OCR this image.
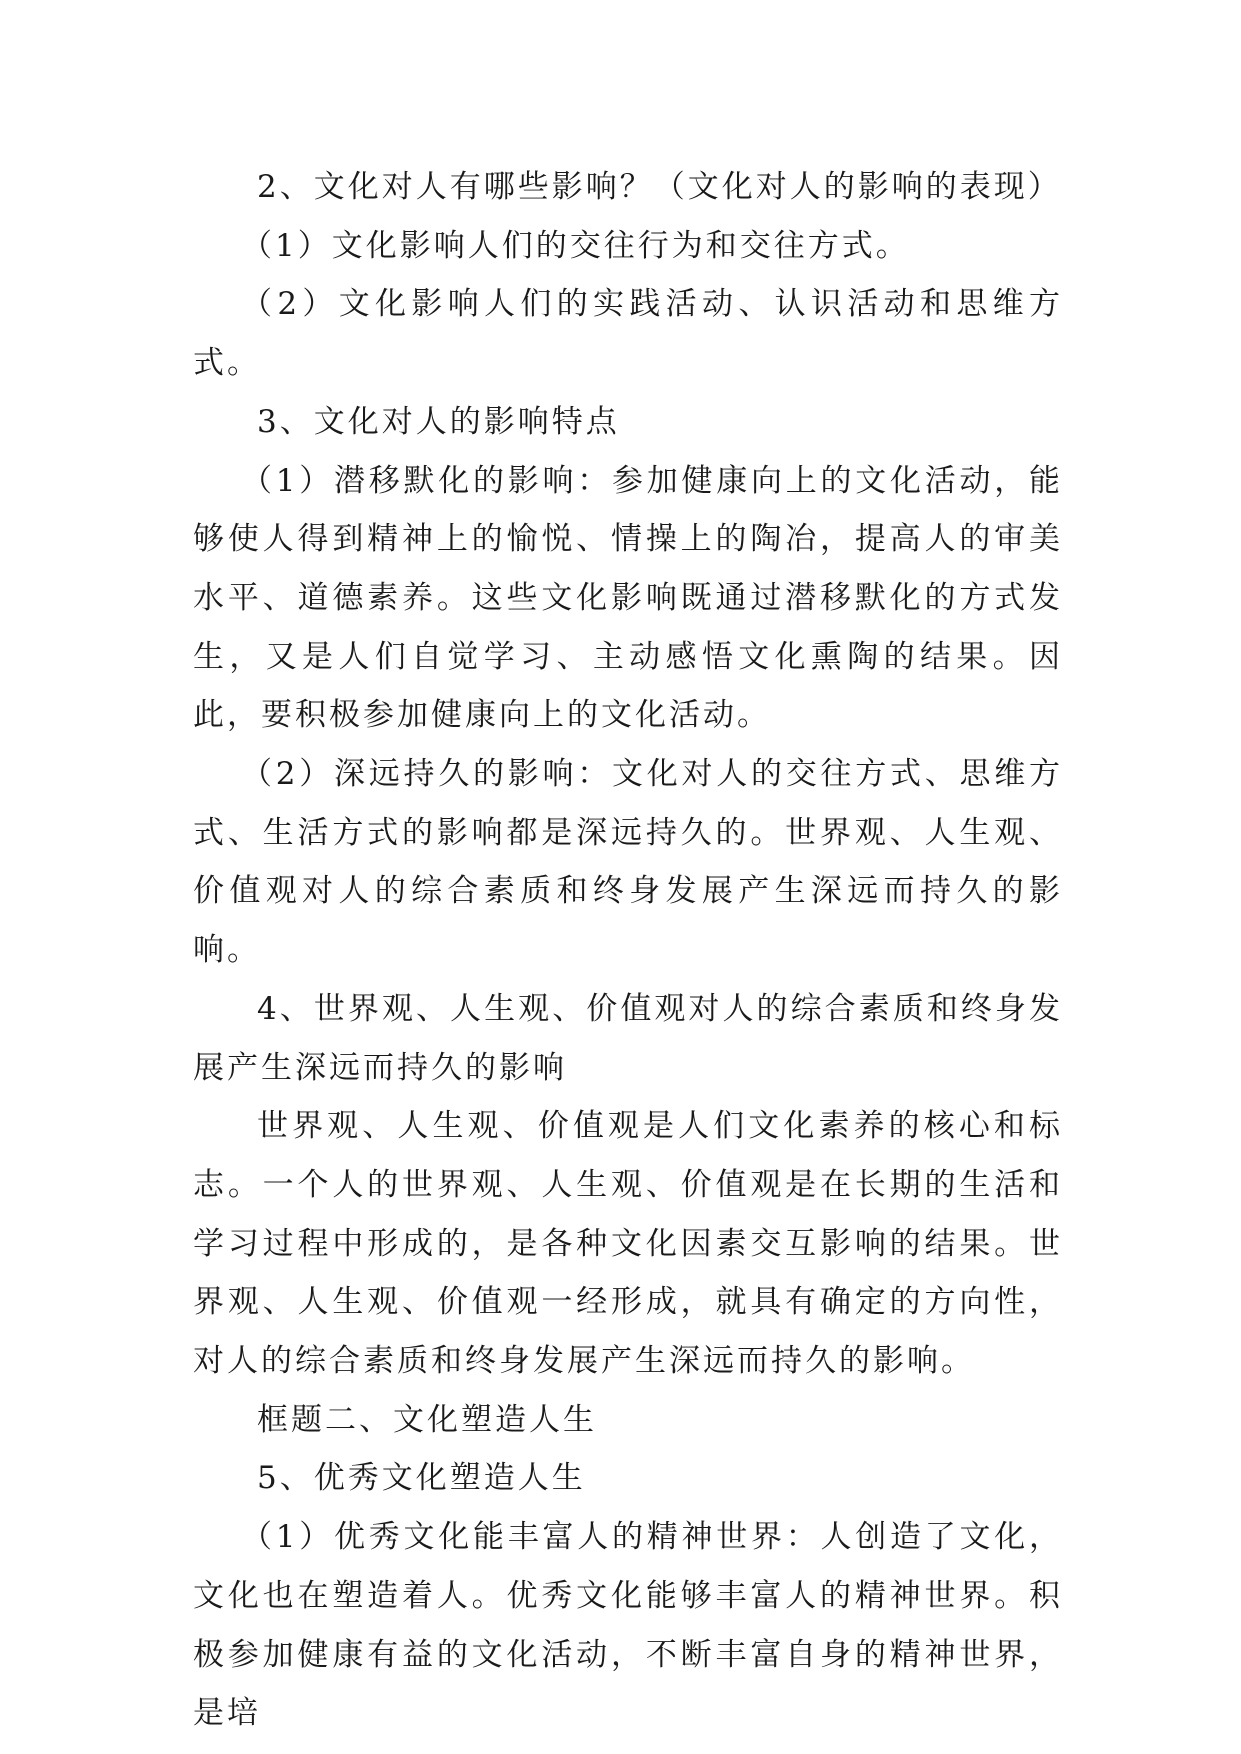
2、文化对人有哪些影响？（文化对人的影响的表现）

（1）文化影响人们的交往行为和交往方式。

（2）文化影响人们的实践活动、认识活动和思维方式。

3、文化对人的影响特点

（1）潜移默化的影响：参加健康向上的文化活动，能够使人得到精神上的愉悦、情操上的陶冶，提高人的审美水平、道德素养。这些文化影响既通过潜移默化的方式发生，又是人们自觉学习、主动感悟文化熏陶的结果。因此，要积极参加健康向上的文化活动。

（2）深远持久的影响：文化对人的交往方式、思维方式、生活方式的影响都是深远持久的。世界观、人生观、价值观对人的综合素质和终身发展产生深远而持久的影响。

4、世界观、人生观、价值观对人的综合素质和终身发展产生深远而持久的影响

世界观、人生观、价值观是人们文化素养的核心和标志。一个人的世界观、人生观、价值观是在长期的生活和学习过程中形成的，是各种文化因素交互影响的结果。世界观、人生观、价值观一经形成，就具有确定的方向性，对人的综合素质和终身发展产生深远而持久的影响。

框题二、文化塑造人生

5、优秀文化塑造人生

（1）优秀文化能丰富人的精神世界：人创造了文化，文化也在塑造着人。优秀文化能够丰富人的精神世界。积极参加健康有益的文化活动，不断丰富自身的精神世界，是培
